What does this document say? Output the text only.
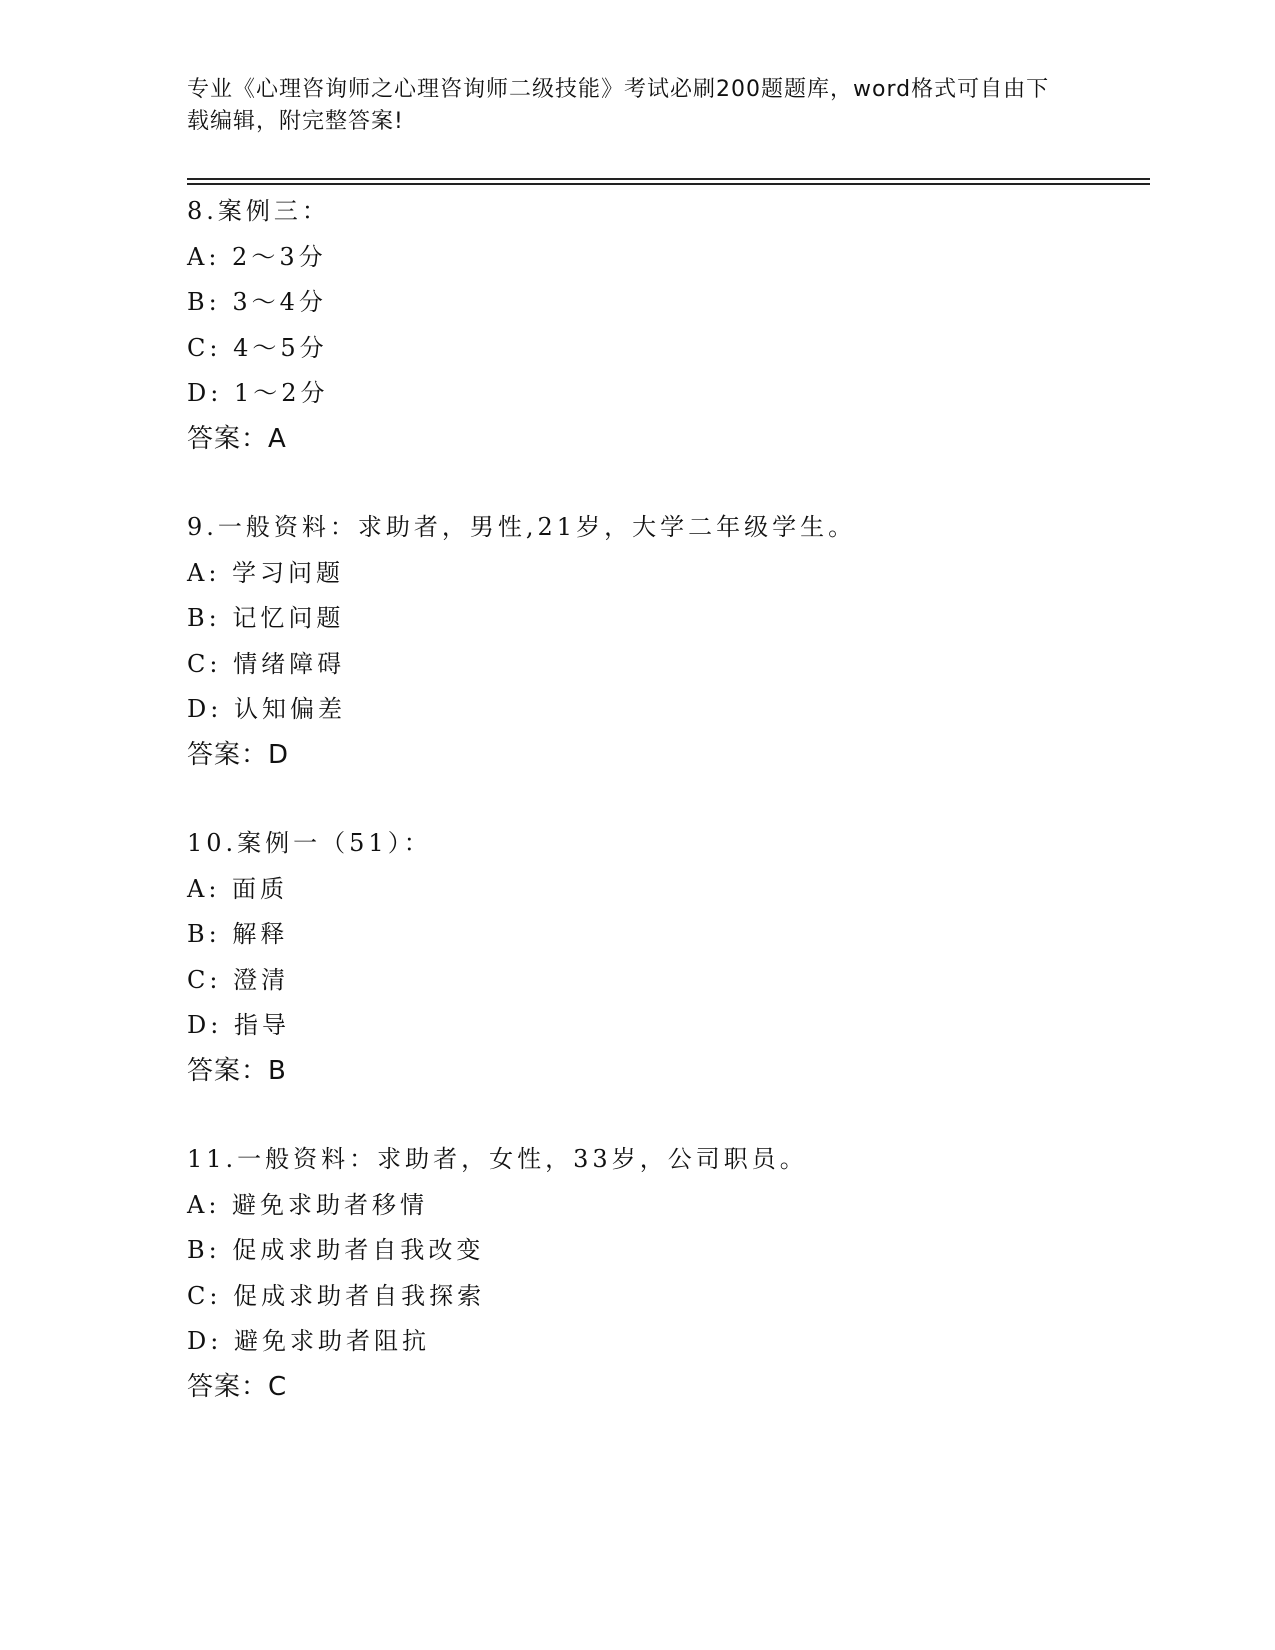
专业《心理咨询师之心理咨询师二级技能》考试必刷200题题库，word格式可自由下载编辑，附完整答案!
8.案例三：
A: 2～3分
B: 3～4分
C: 4～5分
D: 1～2分
答案：A
9.一般资料：求助者，男性,21岁，大学二年级学生。
A: 学习问题
B: 记忆问题
C: 情绪障碍
D: 认知偏差
答案：D
10.案例一（51）：
A: 面质
B: 解释
C: 澄清
D: 指导
答案：B
11.一般资料：求助者，女性，33岁，公司职员。
A: 避免求助者移情
B: 促成求助者自我改变
C: 促成求助者自我探索
D: 避免求助者阻抗
答案：C
